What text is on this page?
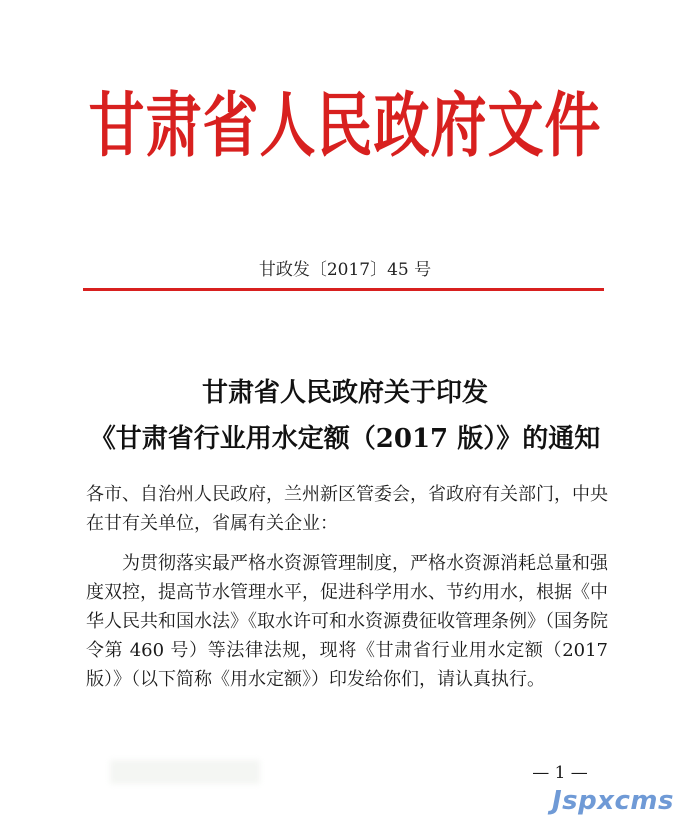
甘肃省人民政府文件
甘政发〔2017〕45 号
甘肃省人民政府关于印发
《甘肃省行业用水定额（2017 版）》的通知
各市、自治州人民政府，兰州新区管委会，省政府有关部门，中央在甘有关单位，省属有关企业：
为贯彻落实最严格水资源管理制度，严格水资源消耗总量和强度双控，提高节水管理水平，促进科学用水、节约用水，根据《中华人民共和国水法》《取水许可和水资源费征收管理条例》（国务院令第 460 号）等法律法规，现将《甘肃省行业用水定额（2017 版）》（以下简称《用水定额》）印发给你们，请认真执行。
— 1 —
Jspxcms
